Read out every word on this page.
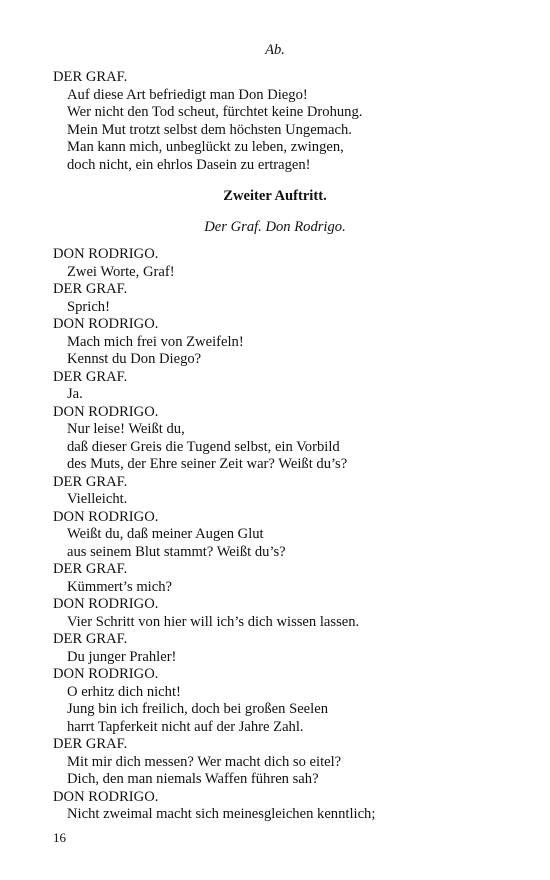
Ab.
DER GRAF.
Auf diese Art befriedigt man Don Diego!
Wer nicht den Tod scheut, fürchtet keine Drohung.
Mein Mut trotzt selbst dem höchsten Ungemach.
Man kann mich, unbeglückt zu leben, zwingen,
doch nicht, ein ehrlos Dasein zu ertragen!
Zweiter Auftritt.
Der Graf. Don Rodrigo.
DON RODRIGO.
Zwei Worte, Graf!
DER GRAF.
Sprich!
DON RODRIGO.
Mach mich frei von Zweifeln!
Kennst du Don Diego?
DER GRAF.
Ja.
DON RODRIGO.
Nur leise! Weißt du,
daß dieser Greis die Tugend selbst, ein Vorbild
des Muts, der Ehre seiner Zeit war? Weißt du’s?
DER GRAF.
Vielleicht.
DON RODRIGO.
Weißt du, daß meiner Augen Glut
aus seinem Blut stammt? Weißt du’s?
DER GRAF.
Kümmert’s mich?
DON RODRIGO.
Vier Schritt von hier will ich’s dich wissen lassen.
DER GRAF.
Du junger Prahler!
DON RODRIGO.
O erhitz dich nicht!
Jung bin ich freilich, doch bei großen Seelen
harrt Tapferkeit nicht auf der Jahre Zahl.
DER GRAF.
Mit mir dich messen? Wer macht dich so eitel?
Dich, den man niemals Waffen führen sah?
DON RODRIGO.
Nicht zweimal macht sich meinesgleichen kenntlich;
16
